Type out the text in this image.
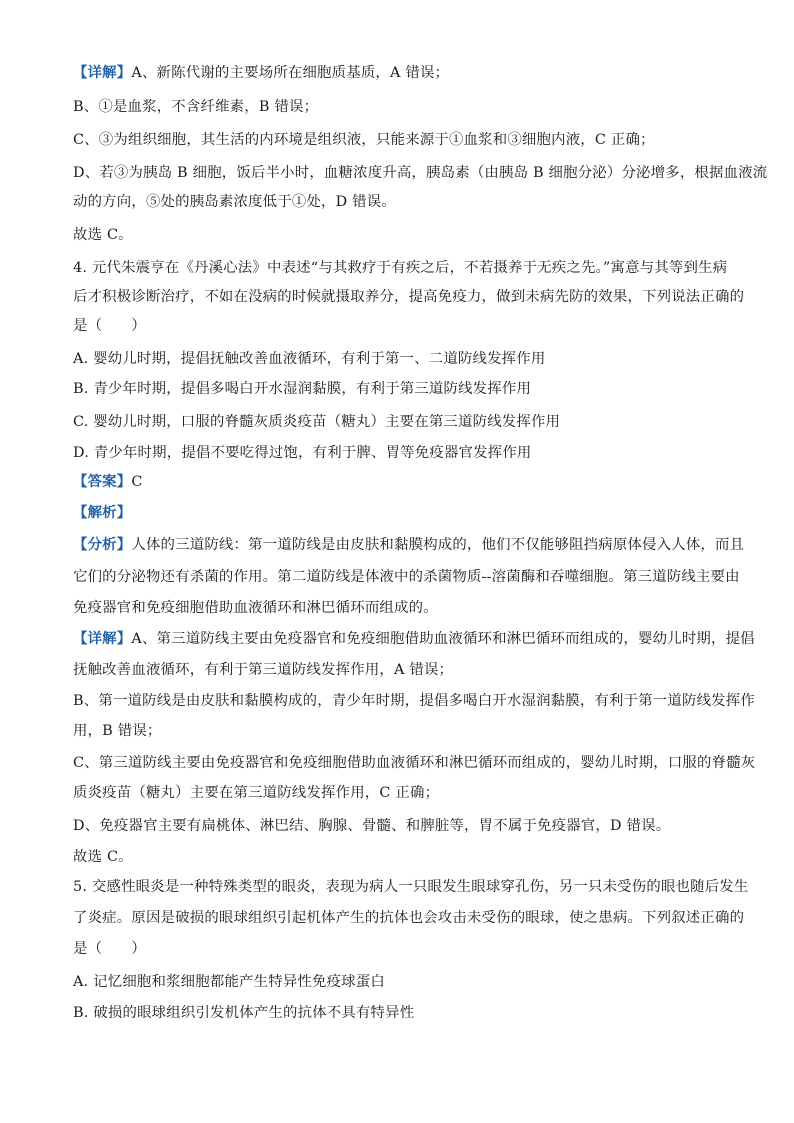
【详解】A、新陈代谢的主要场所在细胞质基质，A 错误；
B、①是血浆，不含纤维素，B 错误；
C、③为组织细胞，其生活的内环境是组织液，只能来源于①血浆和③细胞内液，C 正确；
D、若③为胰岛 B 细胞，饭后半小时，血糖浓度升高，胰岛素（由胰岛 B 细胞分泌）分泌增多，根据血液流
动的方向，⑤处的胰岛素浓度低于①处，D 错误。
故选 C。
4. 元代朱震亨在《丹溪心法》中表述“与其救疗于有疾之后，不若摄养于无疾之先。”寓意与其等到生病
后才积极诊断治疗，不如在没病的时候就摄取养分，提高免疫力，做到未病先防的效果，下列说法正确的
是（　　）
A. 婴幼儿时期，提倡抚触改善血液循环，有利于第一、二道防线发挥作用
B. 青少年时期，提倡多喝白开水湿润黏膜，有利于第三道防线发挥作用
C. 婴幼儿时期，口服的脊髓灰质炎疫苗（糖丸）主要在第三道防线发挥作用
D. 青少年时期，提倡不要吃得过饱，有利于脾、胃等免疫器官发挥作用
【答案】C
【解析】
【分析】人体的三道防线：第一道防线是由皮肤和黏膜构成的，他们不仅能够阻挡病原体侵入人体，而且
它们的分泌物还有杀菌的作用。第二道防线是体液中的杀菌物质--溶菌酶和吞噬细胞。第三道防线主要由
免疫器官和免疫细胞借助血液循环和淋巴循环而组成的。
【详解】A、第三道防线主要由免疫器官和免疫细胞借助血液循环和淋巴循环而组成的，婴幼儿时期，提倡
抚触改善血液循环，有利于第三道防线发挥作用，A 错误；
B、第一道防线是由皮肤和黏膜构成的，青少年时期，提倡多喝白开水湿润黏膜，有利于第一道防线发挥作
用，B 错误；
C、第三道防线主要由免疫器官和免疫细胞借助血液循环和淋巴循环而组成的，婴幼儿时期，口服的脊髓灰
质炎疫苗（糖丸）主要在第三道防线发挥作用，C 正确；
D、免疫器官主要有扁桃体、淋巴结、胸腺、骨髓、和脾脏等，胃不属于免疫器官，D 错误。
故选 C。
5. 交感性眼炎是一种特殊类型的眼炎，表现为病人一只眼发生眼球穿孔伤，另一只未受伤的眼也随后发生
了炎症。原因是破损的眼球组织引起机体产生的抗体也会攻击未受伤的眼球，使之患病。下列叙述正确的
是（　　）
A. 记忆细胞和浆细胞都能产生特异性免疫球蛋白
B. 破损的眼球组织引发机体产生的抗体不具有特异性
